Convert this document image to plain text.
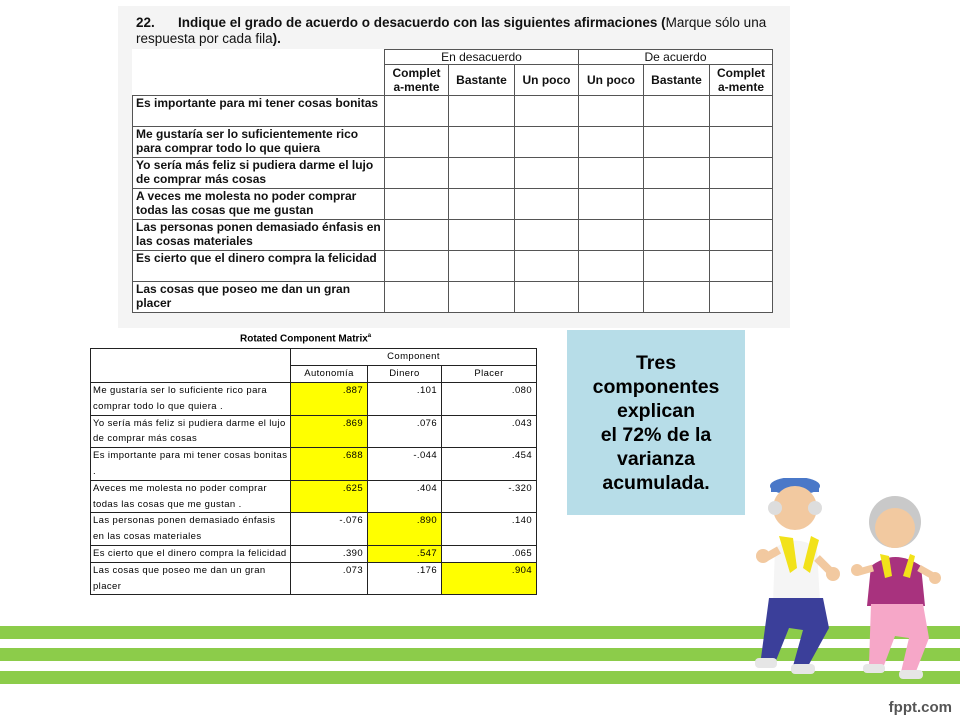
22. Indique el grado de acuerdo o desacuerdo con las siguientes afirmaciones (Marque sólo una respuesta por cada fila).
	En desacuerdo			De acuerdo		
	Complet a-mente	Bastante	Un poco	Un poco	Bastante	Complet a-mente
Es importante para mi tener cosas bonitas						
Me gustaría ser lo suficientemente rico para comprar todo lo que quiera						
Yo sería más feliz si pudiera darme el lujo de comprar más cosas						
A veces me molesta no poder comprar todas las cosas que me gustan						
Las personas ponen demasiado énfasis en las cosas materiales						
Es cierto que el dinero compra la felicidad						
Las cosas que poseo me dan un gran placer						
Rotated Component Matrix$^a$
	Component		
	Autonomía	Dinero	Placer
Me gustaría ser lo suficiente rico para comprar todo lo que quiera .	.887	.101	.080
Yo sería más feliz si pudiera darme el lujo de comprar más cosas	.869	.076	.043
Es importante para mi tener cosas bonitas .	.688	-.044	.454
Aveces me molesta no poder comprar todas las cosas que me gustan .	.625	.404	-.320
Las personas ponen demasiado énfasis en las cosas materiales	-.076	.890	.140
Es cierto que el dinero compra la felicidad	.390	.547	.065
Las cosas que poseo me dan un gran placer	.073	.176	.904
Tres
componentes
explican
el 72% de la
varianza
acumulada.
fppt.com
